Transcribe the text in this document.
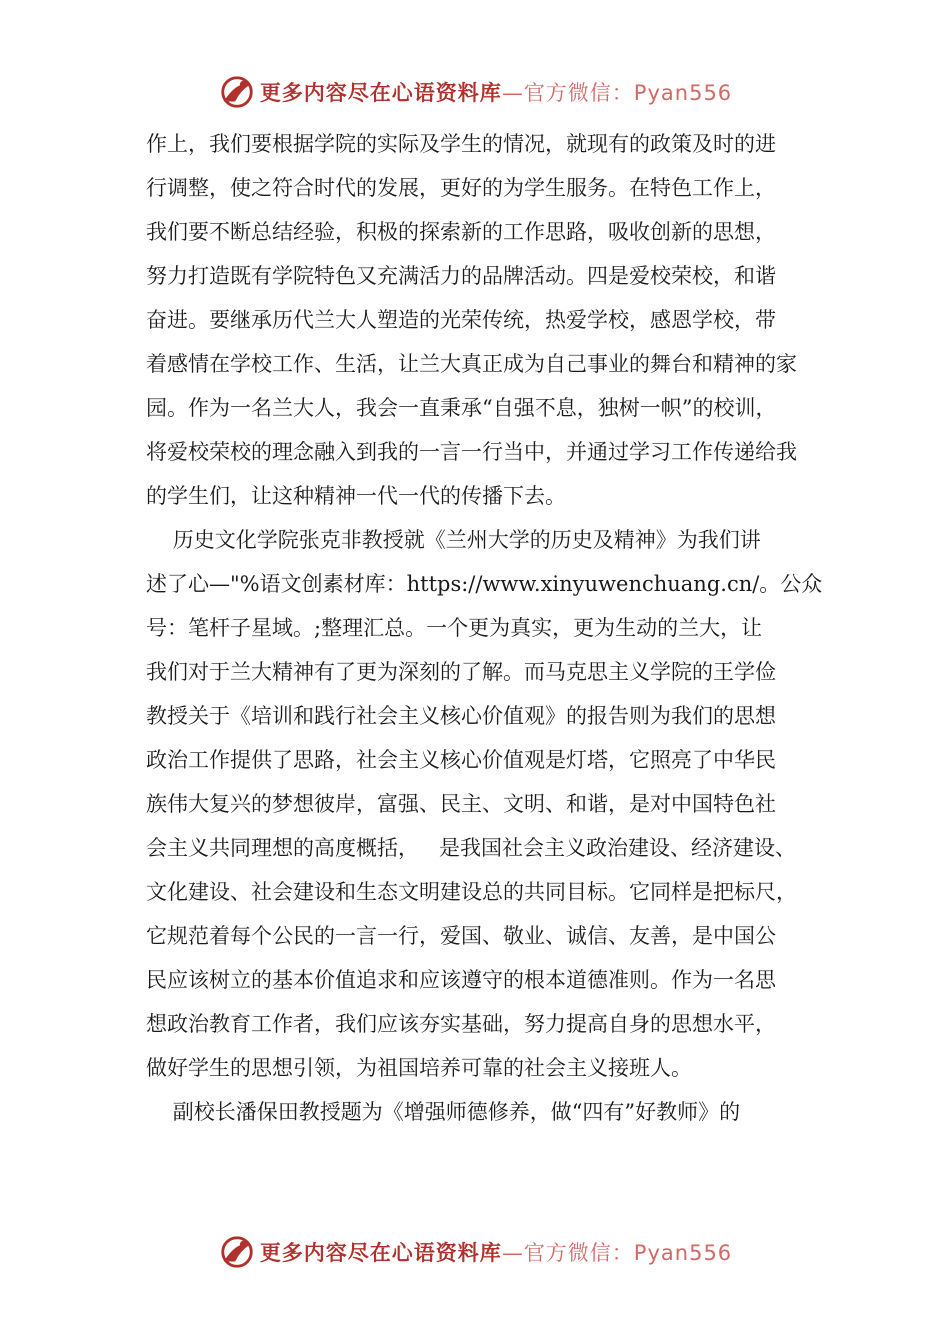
更多内容尽在心语资料库—官方微信：Pyan556
作上，我们要根据学院的实际及学生的情况，就现有的政策及时的进
行调整，使之符合时代的发展，更好的为学生服务。在特色工作上，
我们要不断总结经验，积极的探索新的工作思路，吸收创新的思想，
努力打造既有学院特色又充满活力的品牌活动。四是爱校荣校，和谐
奋进。要继承历代兰大人塑造的光荣传统，热爱学校，感恩学校，带
着感情在学校工作、生活，让兰大真正成为自己事业的舞台和精神的家
园。作为一名兰大人，我会一直秉承“自强不息，独树一帜”的校训，
将爱校荣校的理念融入到我的一言一行当中，并通过学习工作传递给我
的学生们，让这种精神一代一代的传播下去。
历史文化学院张克非教授就《兰州大学的历史及精神》为我们讲
述了心—"%语文创素材库：https://www.xinyuwenchuang.cn/。公众
号：笔杆子星域。;整理汇总。一个更为真实，更为生动的兰大，让
我们对于兰大精神有了更为深刻的了解。而马克思主义学院的王学俭
教授关于《培训和践行社会主义核心价值观》的报告则为我们的思想
政治工作提供了思路，社会主义核心价值观是灯塔，它照亮了中华民
族伟大复兴的梦想彼岸，富强、民主、文明、和谐，是对中国特色社
会主义共同理想的高度概括，   是我国社会主义政治建设、经济建设、
文化建设、社会建设和生态文明建设总的共同目标。它同样是把标尺，
它规范着每个公民的一言一行，爱国、敬业、诚信、友善，是中国公
民应该树立的基本价值追求和应该遵守的根本道德准则。作为一名思
想政治教育工作者，我们应该夯实基础，努力提高自身的思想水平，
做好学生的思想引领，为祖国培养可靠的社会主义接班人。
副校长潘保田教授题为《增强师德修养，做“四有”好教师》的
更多内容尽在心语资料库—官方微信：Pyan556
